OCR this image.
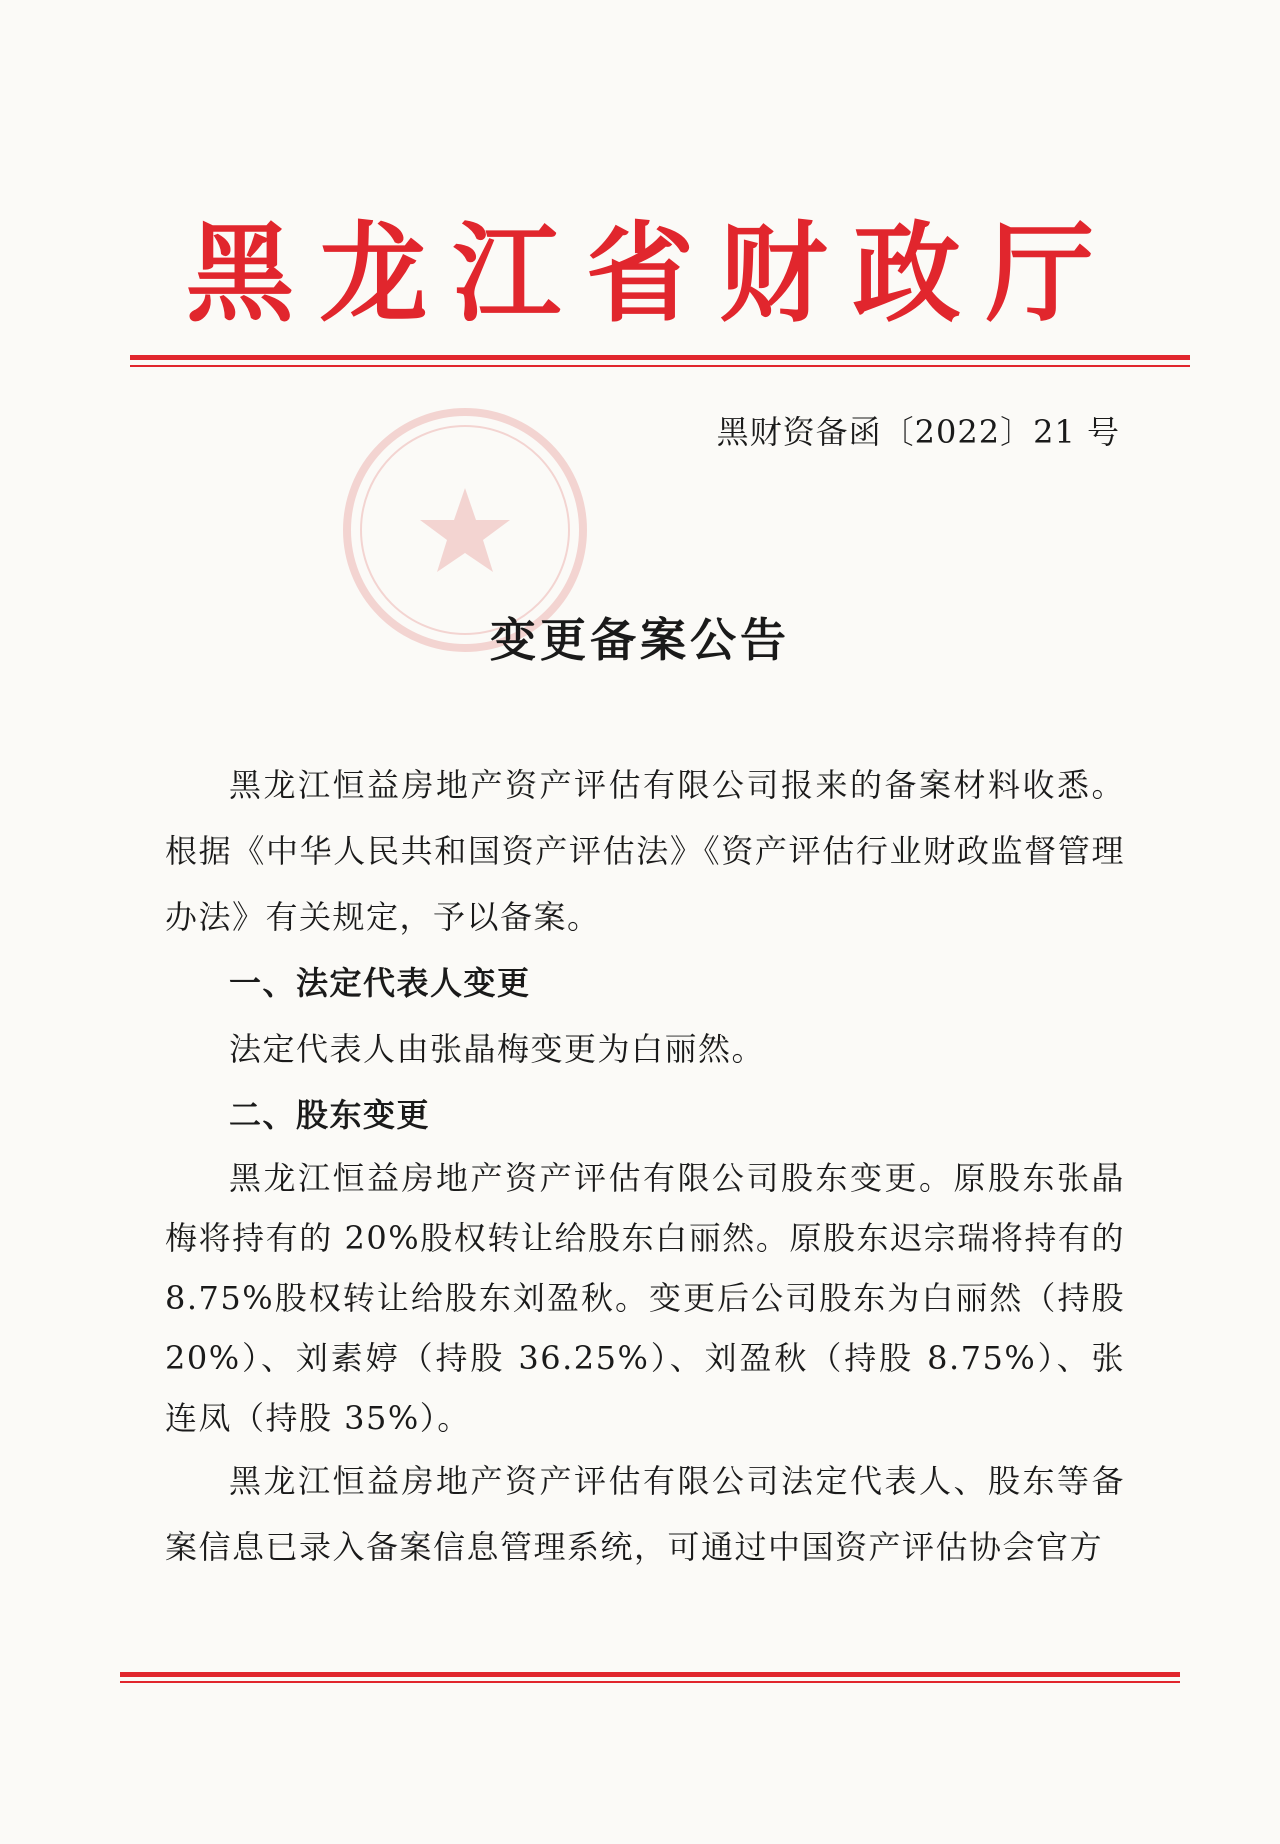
黑 龙 江 省 财 政 厅
黑财资备函〔2022〕21 号
变更备案公告

黑龙江恒益房地产资产评估有限公司报来的备案材料收悉。根据《中华人民共和国资产评估法》《资产评估行业财政监督管理办法》有关规定，予以备案。

一、法定代表人变更

法定代表人由张晶梅变更为白丽然。

二、股东变更

黑龙江恒益房地产资产评估有限公司股东变更。原股东张晶梅将持有的 20%股权转让给股东白丽然。原股东迟宗瑞将持有的 8.75%股权转让给股东刘盈秋。变更后公司股东为白丽然（持股 20%）、刘素婷（持股 36.25%）、刘盈秋（持股 8.75%）、张连凤（持股 35%）。

黑龙江恒益房地产资产评估有限公司法定代表人、股东等备案信息已录入备案信息管理系统，可通过中国资产评估协会官方
